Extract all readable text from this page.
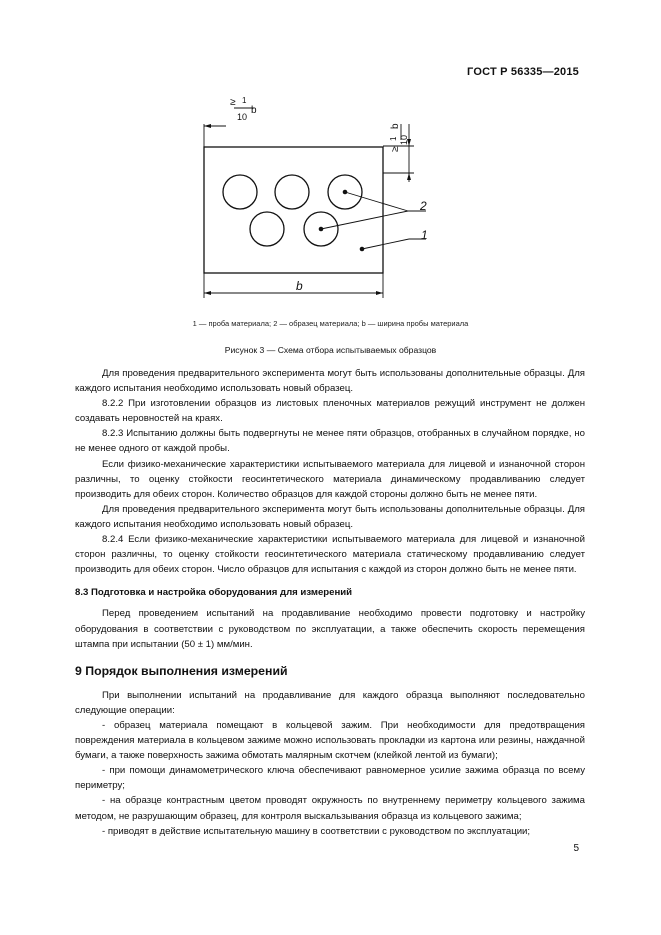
ГОСТ Р 56335—2015
≥ 1
b
10
≥
1
b
10
2
1
b
1 — проба материала; 2 — образец материала; b — ширина пробы материала
Рисунок 3 — Схема отбора испытываемых образцов

Для проведения предварительного эксперимента могут быть использованы дополнительные образцы. Для каждого испытания необходимо использовать новый образец.

8.2.2 При изготовлении образцов из листовых пленочных материалов режущий инструмент не должен создавать неровностей на краях.

8.2.3 Испытанию должны быть подвергнуты не менее пяти образцов, отобранных в случайном порядке, но не менее одного от каждой пробы.

Если физико-механические характеристики испытываемого материала для лицевой и изнаночной сторон различны, то оценку стойкости геосинтетического материала динамическому продавливанию следует производить для обеих сторон. Количество образцов для каждой стороны должно быть не менее пяти.

Для проведения предварительного эксперимента могут быть использованы дополнительные образцы. Для каждого испытания необходимо использовать новый образец.

8.2.4 Если физико-механические характеристики испытываемого материала для лицевой и изнаночной сторон различны, то оценку стойкости геосинтетического материала статическому продавливанию следует производить для обеих сторон. Число образцов для испытания с каждой из сторон должно быть не менее пяти.

8.3 Подготовка и настройка оборудования для измерений

Перед проведением испытаний на продавливание необходимо провести подготовку и настройку оборудования в соответствии с руководством по эксплуатации, а также обеспечить скорость перемещения штампа при испытании (50 ± 1) мм/мин.

9 Порядок выполнения измерений

При выполнении испытаний на продавливание для каждого образца выполняют последовательно следующие операции:

- образец материала помещают в кольцевой зажим. При необходимости для предотвращения повреждения материала в кольцевом зажиме можно использовать прокладки из картона или резины, наждачной бумаги, а также поверхность зажима обмотать малярным скотчем (клейкой лентой из бумаги);

- при помощи динамометрического ключа обеспечивают равномерное усилие зажима образца по всему периметру;

- на образце контрастным цветом проводят окружность по внутреннему периметру кольцевого зажима методом, не разрушающим образец, для контроля выскальзывания образца из кольцевого зажима;

- приводят в действие испытательную машину в соответствии с руководством по эксплуатации;

5
